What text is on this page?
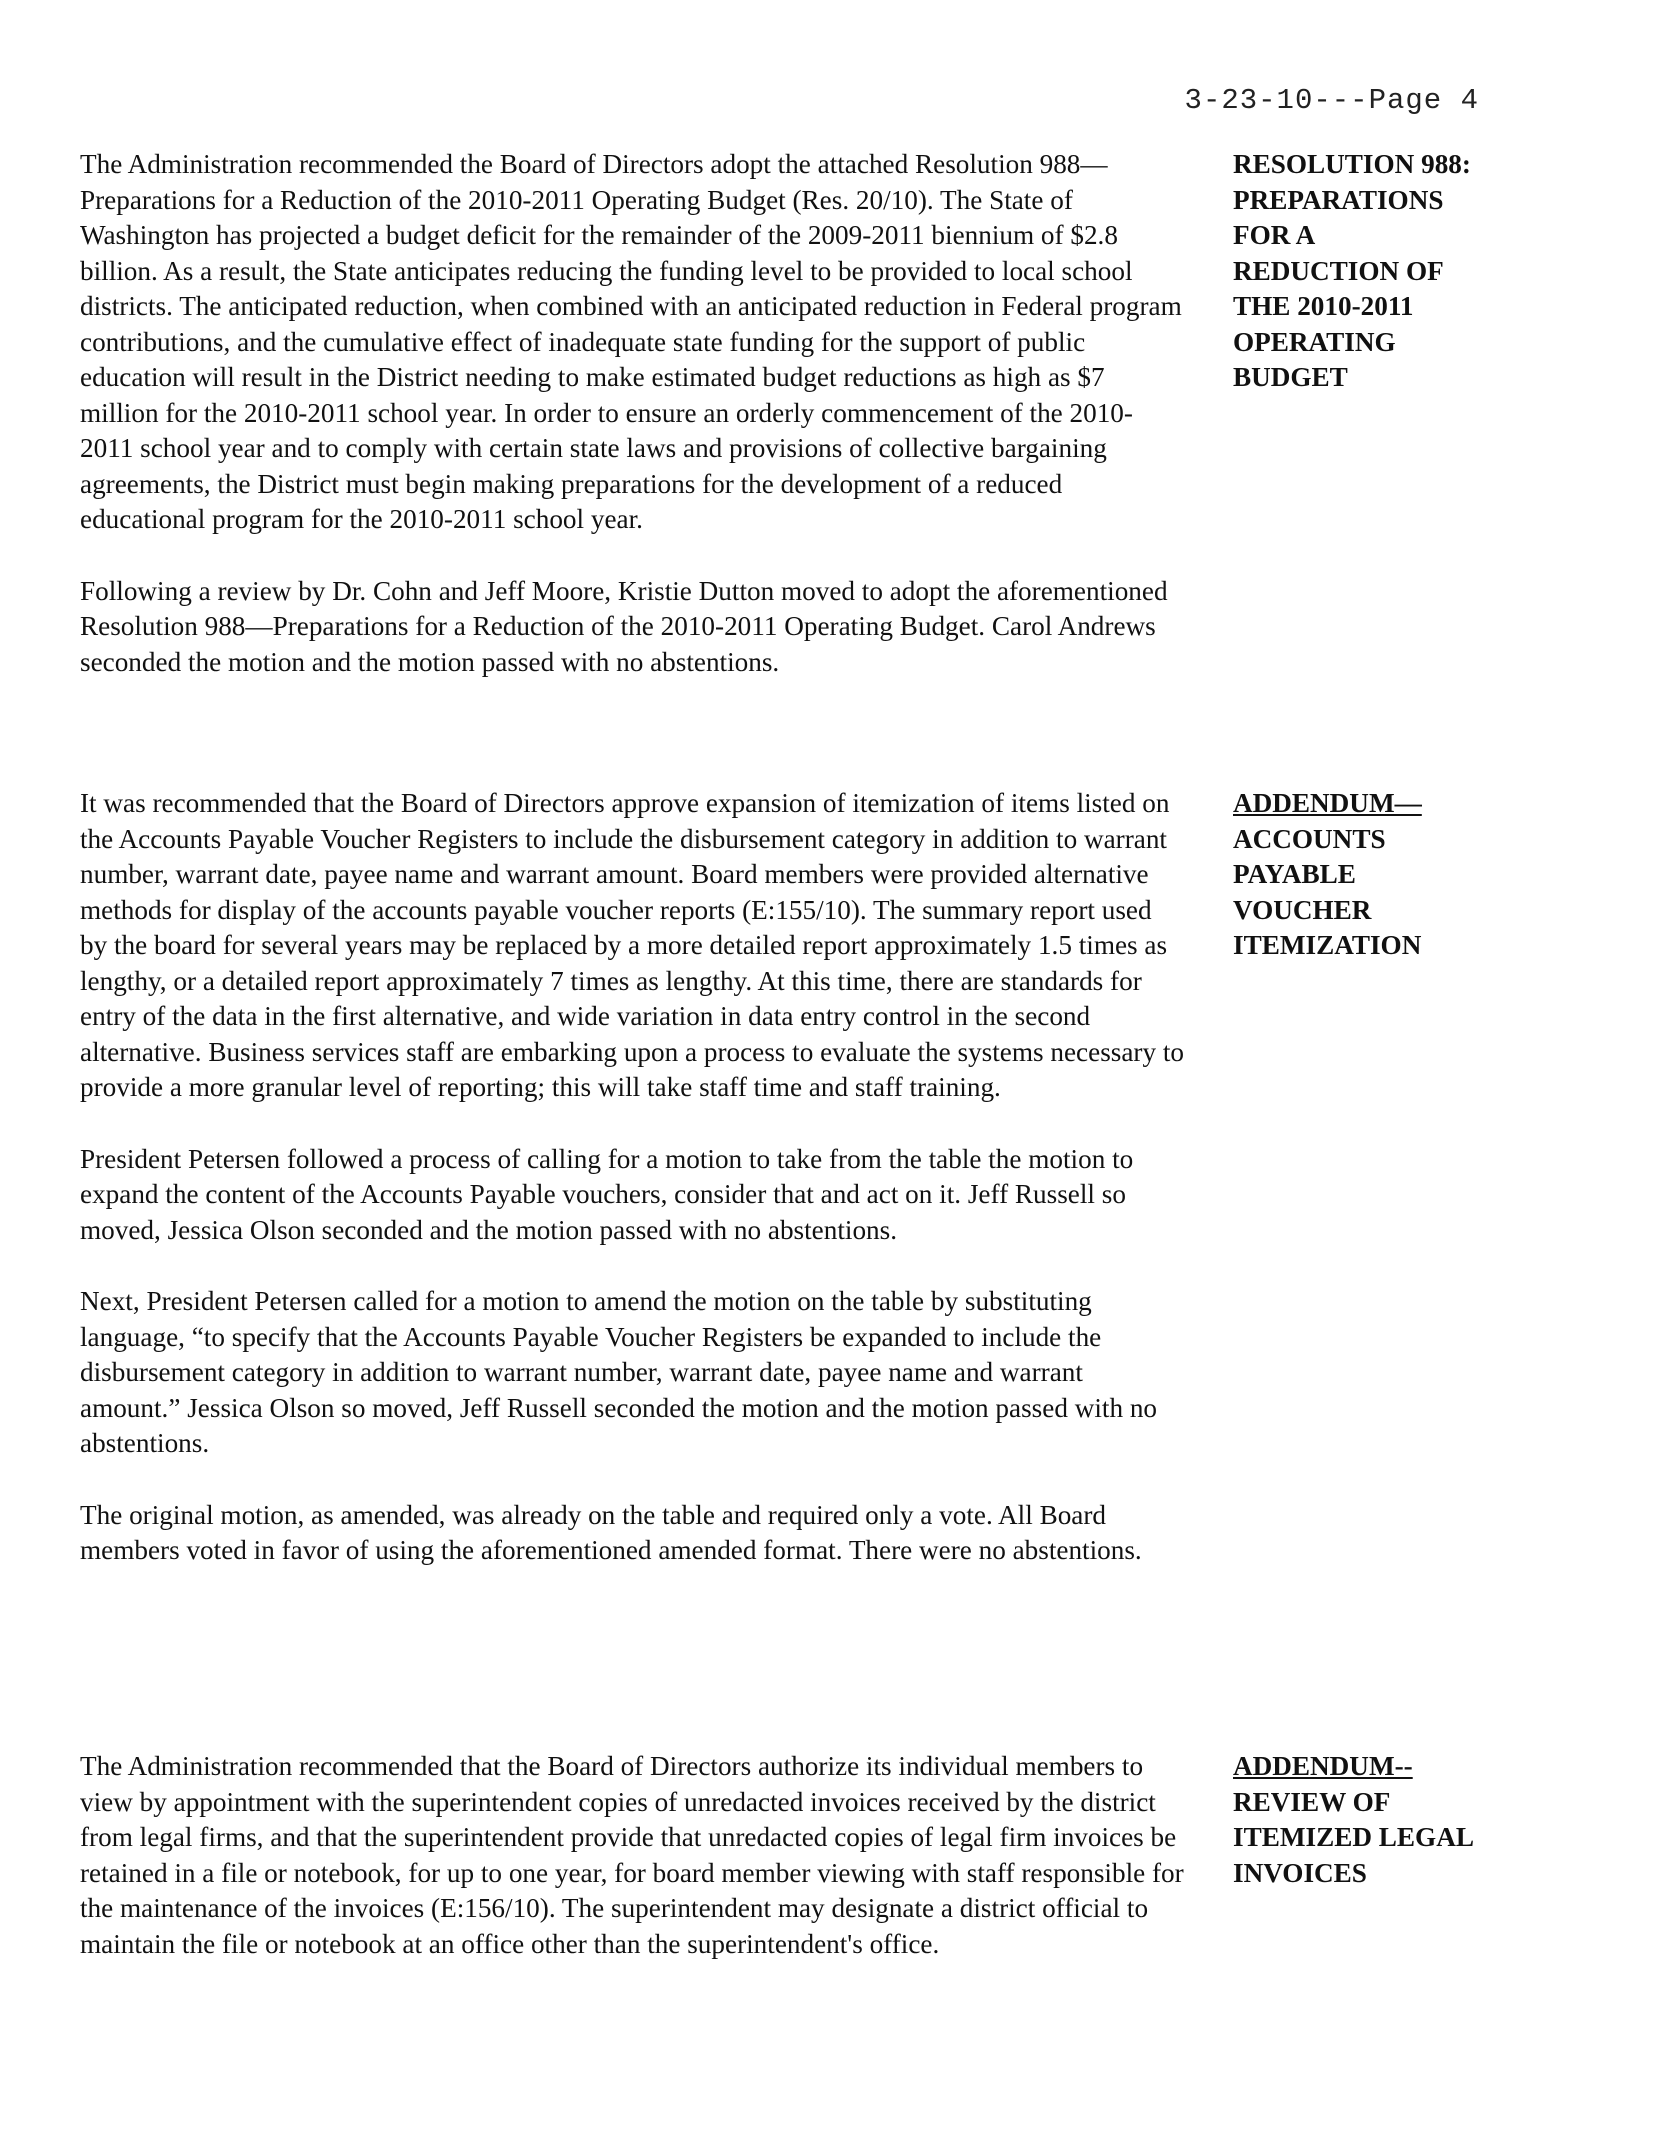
3-23-10---Page 4

The Administration recommended the Board of Directors adopt the attached Resolution 988—Preparations for a Reduction of the 2010-2011 Operating Budget (Res. 20/10). The State of Washington has projected a budget deficit for the remainder of the 2009-2011 biennium of $2.8 billion. As a result, the State anticipates reducing the funding level to be provided to local school districts. The anticipated reduction, when combined with an anticipated reduction in Federal program contributions, and the cumulative effect of inadequate state funding for the support of public education will result in the District needing to make estimated budget reductions as high as $7 million for the 2010-2011 school year. In order to ensure an orderly commencement of the 2010-2011 school year and to comply with certain state laws and provisions of collective bargaining agreements, the District must begin making preparations for the development of a reduced educational program for the 2010-2011 school year.

Following a review by Dr. Cohn and Jeff Moore, Kristie Dutton moved to adopt the aforementioned Resolution 988—Preparations for a Reduction of the 2010-2011 Operating Budget. Carol Andrews seconded the motion and the motion passed with no abstentions.

RESOLUTION 988:
PREPARATIONS
FOR A
REDUCTION OF
THE 2010-2011
OPERATING
BUDGET

It was recommended that the Board of Directors approve expansion of itemization of items listed on the Accounts Payable Voucher Registers to include the disbursement category in addition to warrant number, warrant date, payee name and warrant amount. Board members were provided alternative methods for display of the accounts payable voucher reports (E:155/10). The summary report used by the board for several years may be replaced by a more detailed report approximately 1.5 times as lengthy, or a detailed report approximately 7 times as lengthy. At this time, there are standards for entry of the data in the first alternative, and wide variation in data entry control in the second alternative. Business services staff are embarking upon a process to evaluate the systems necessary to provide a more granular level of reporting; this will take staff time and staff training.

President Petersen followed a process of calling for a motion to take from the table the motion to expand the content of the Accounts Payable vouchers, consider that and act on it. Jeff Russell so moved, Jessica Olson seconded and the motion passed with no abstentions.

Next, President Petersen called for a motion to amend the motion on the table by substituting language, “to specify that the Accounts Payable Voucher Registers be expanded to include the disbursement category in addition to warrant number, warrant date, payee name and warrant amount.” Jessica Olson so moved, Jeff Russell seconded the motion and the motion passed with no abstentions.

The original motion, as amended, was already on the table and required only a vote. All Board members voted in favor of using the aforementioned amended format. There were no abstentions.

ADDENDUM—
ACCOUNTS
PAYABLE
VOUCHER
ITEMIZATION

The Administration recommended that the Board of Directors authorize its individual members to view by appointment with the superintendent copies of unredacted invoices received by the district from legal firms, and that the superintendent provide that unredacted copies of legal firm invoices be retained in a file or notebook, for up to one year, for board member viewing with staff responsible for the maintenance of the invoices (E:156/10). The superintendent may designate a district official to maintain the file or notebook at an office other than the superintendent's office.

ADDENDUM--
REVIEW OF
ITEMIZED LEGAL
INVOICES
